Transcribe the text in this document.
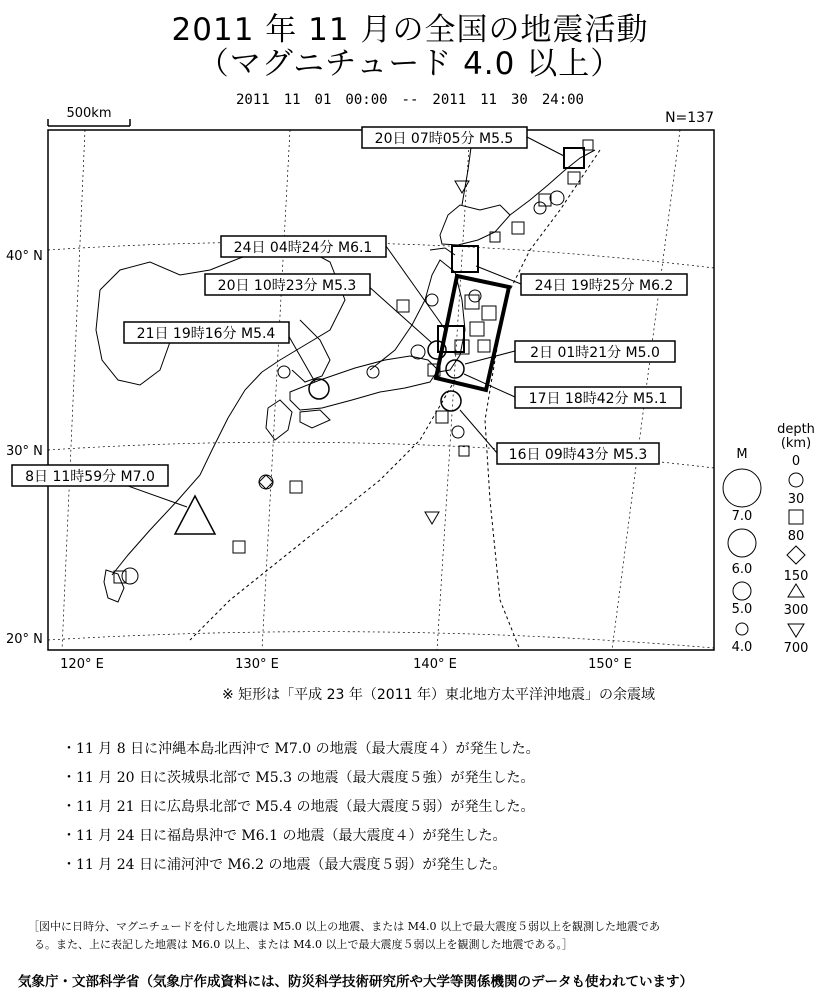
2011 年 11 月の全国の地震活動
（マグニチュード 4.0 以上）
2011　11　01　00:00　--　2011　11　30　24:00
500km	N=137
40° N
30° N
20° N
120° E	130° E	140° E	150° E
20日 07時05分 M5.5
24日 04時24分 M6.1
20日 10時23分 M5.3
21日 19時16分 M5.4
8日 11時59分 M7.0
24日 19時25分 M6.2
2日 01時21分 M5.0
17日 18時42分 M5.1
16日 09時43分 M5.3	M
7.0
6.0
5.0
4.0
depth
(km)
0
30
80
150
300
700
※ 矩形は「平成 23 年（2011 年）東北地方太平洋沖地震」の余震域
・11 月 8 日に沖縄本島北西沖で M7.0 の地震（最大震度４）が発生した。
・11 月 20 日に茨城県北部で M5.3 の地震（最大震度５強）が発生した。
・11 月 21 日に広島県北部で M5.4 の地震（最大震度５弱）が発生した。
・11 月 24 日に福島県沖で M6.1 の地震（最大震度４）が発生した。
・11 月 24 日に浦河沖で M6.2 の地震（最大震度５弱）が発生した。
［図中に日時分、マグニチュードを付した地震は M5.0 以上の地震、または M4.0 以上で最大震度５弱以上を観測した地震であ
る。また、上に表記した地震は M6.0 以上、または M4.0 以上で最大震度５弱以上を観測した地震である。］
気象庁・文部科学省（気象庁作成資料には、防災科学技術研究所や大学等関係機関のデータも使われています）
